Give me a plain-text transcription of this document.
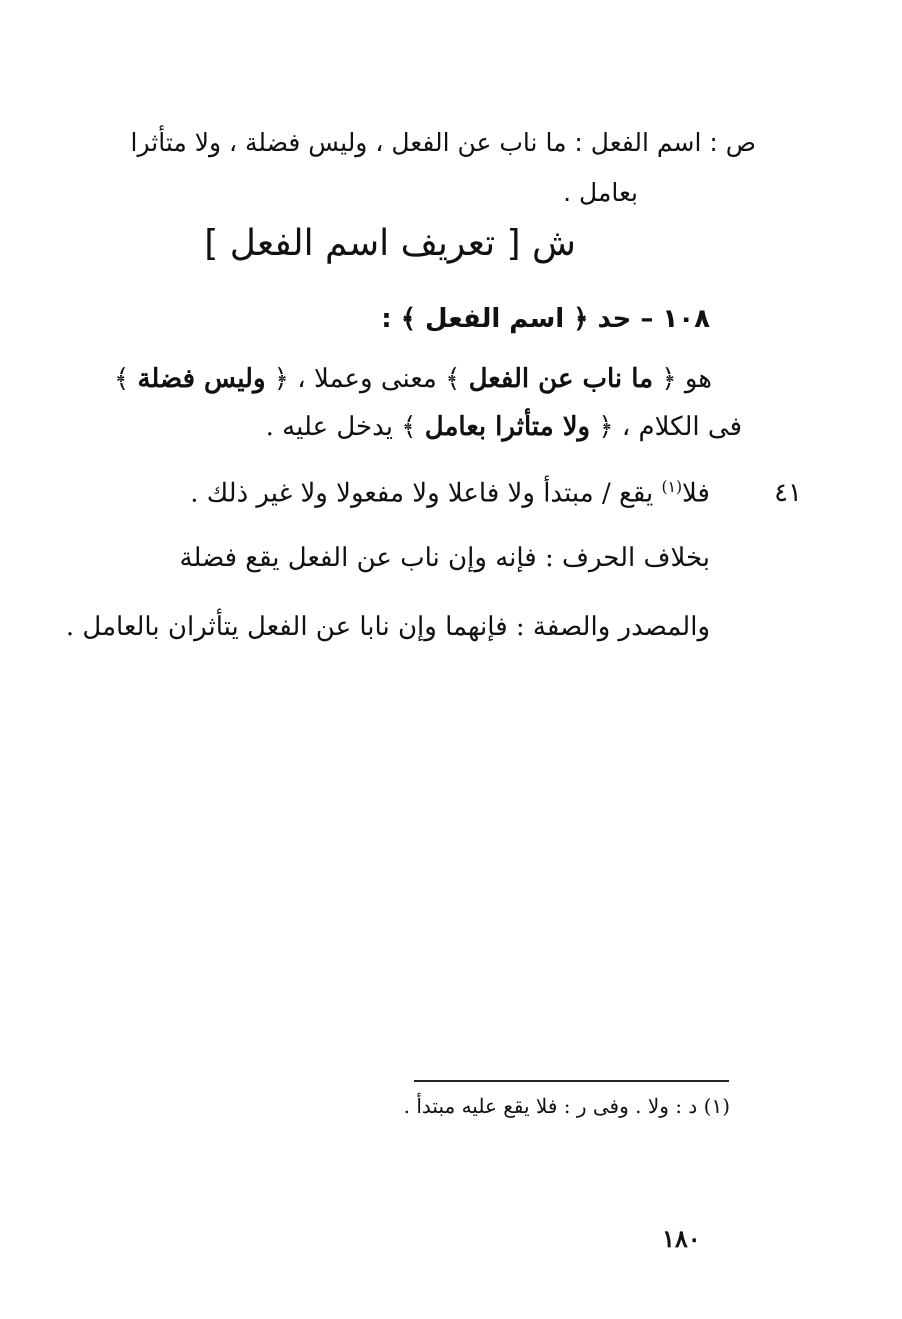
ص : اسم الفعل : ما ناب عن الفعل ، وليس فضلة ، ولا متأثرا
بعامل .
ش [ تعريف اسم الفعل ]
١٠٨ – حد ﴿ اسم الفعل ﴾ :
هو ﴿ ما ناب عن الفعل ﴾ معنى وعملا ، ﴿ وليس فضلة ﴾
فى الكلام ، ﴿ ولا متأثرا بعامل ﴾ يدخل عليه .
٤١
فلا$^{(١)}$ يقع / مبتدأ ولا فاعلا ولا مفعولا ولا غير ذلك .
بخلاف الحرف : فإنه وإن ناب عن الفعل يقع فضلة
والمصدر والصفة : فإنهما وإن نابا عن الفعل يتأثران بالعامل .
(١) د : ولا . وفى ر : فلا يقع عليه مبتدأ .
١٨٠
